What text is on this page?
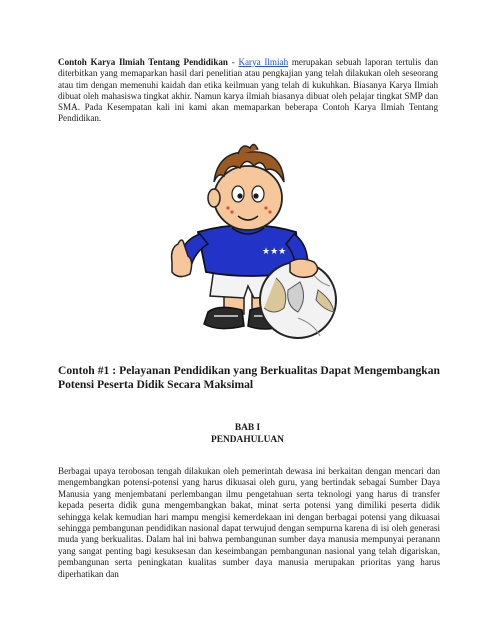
Contoh Karya Ilmiah Tentang Pendidikan - Karya Ilmiah merupakan sebuah laporan tertulis dan diterbitkan yang memaparkan hasil dari penelitian atau pengkajian yang telah dilakukan oleh seseorang atau tim dengan memenuhi kaidah dan etika keilmuan yang telah di kukuhkan. Biasanya Karya Ilmiah dibuat oleh mahasiswa tingkat akhir. Namun karya ilmiah biasanya dibuat oleh pelajar tingkat SMP dan SMA. Pada Kesempatan kali ini kami akan memaparkan beberapa Contoh Karya Ilmiah Tentang Pendidikan.

★★★

Contoh #1 : Pelayanan Pendidikan yang Berkualitas Dapat Mengembangkan Potensi Peserta Didik Secara Maksimal

BAB I

PENDAHULUAN

Berbagai upaya terobosan tengah dilakukan oleh pemerintah dewasa ini berkaitan dengan mencari dan mengembangkan potensi-potensi yang harus dikuasai oleh guru, yang bertindak sebagai Sumber Daya Manusia yang menjembatani perlembangan ilmu pengetahuan serta teknologi yang harus di transfer kepada peserta didik guna mengembangkan bakat, minat serta potensi yang dimiliki peserta didik sehingga kelak kemudian hari mampu mengisi kemerdekaan ini dengan berbagai potensi yang dikuasai sehingga pembangunan pendidikan nasional dapat terwujud dengan sempurna karena di isi oleh generasi muda yang berkualitas. Dalam hal ini bahwa pembangunan sumber daya manusia mempunyai peranann yang sangat penting bagi kesuksesan dan keseimbangan pembangunan nasional yang telah digariskan, pembangunan serta peningkatan kualitas sumber daya manusia merupakan prioritas yang harus diperhatikan dan
